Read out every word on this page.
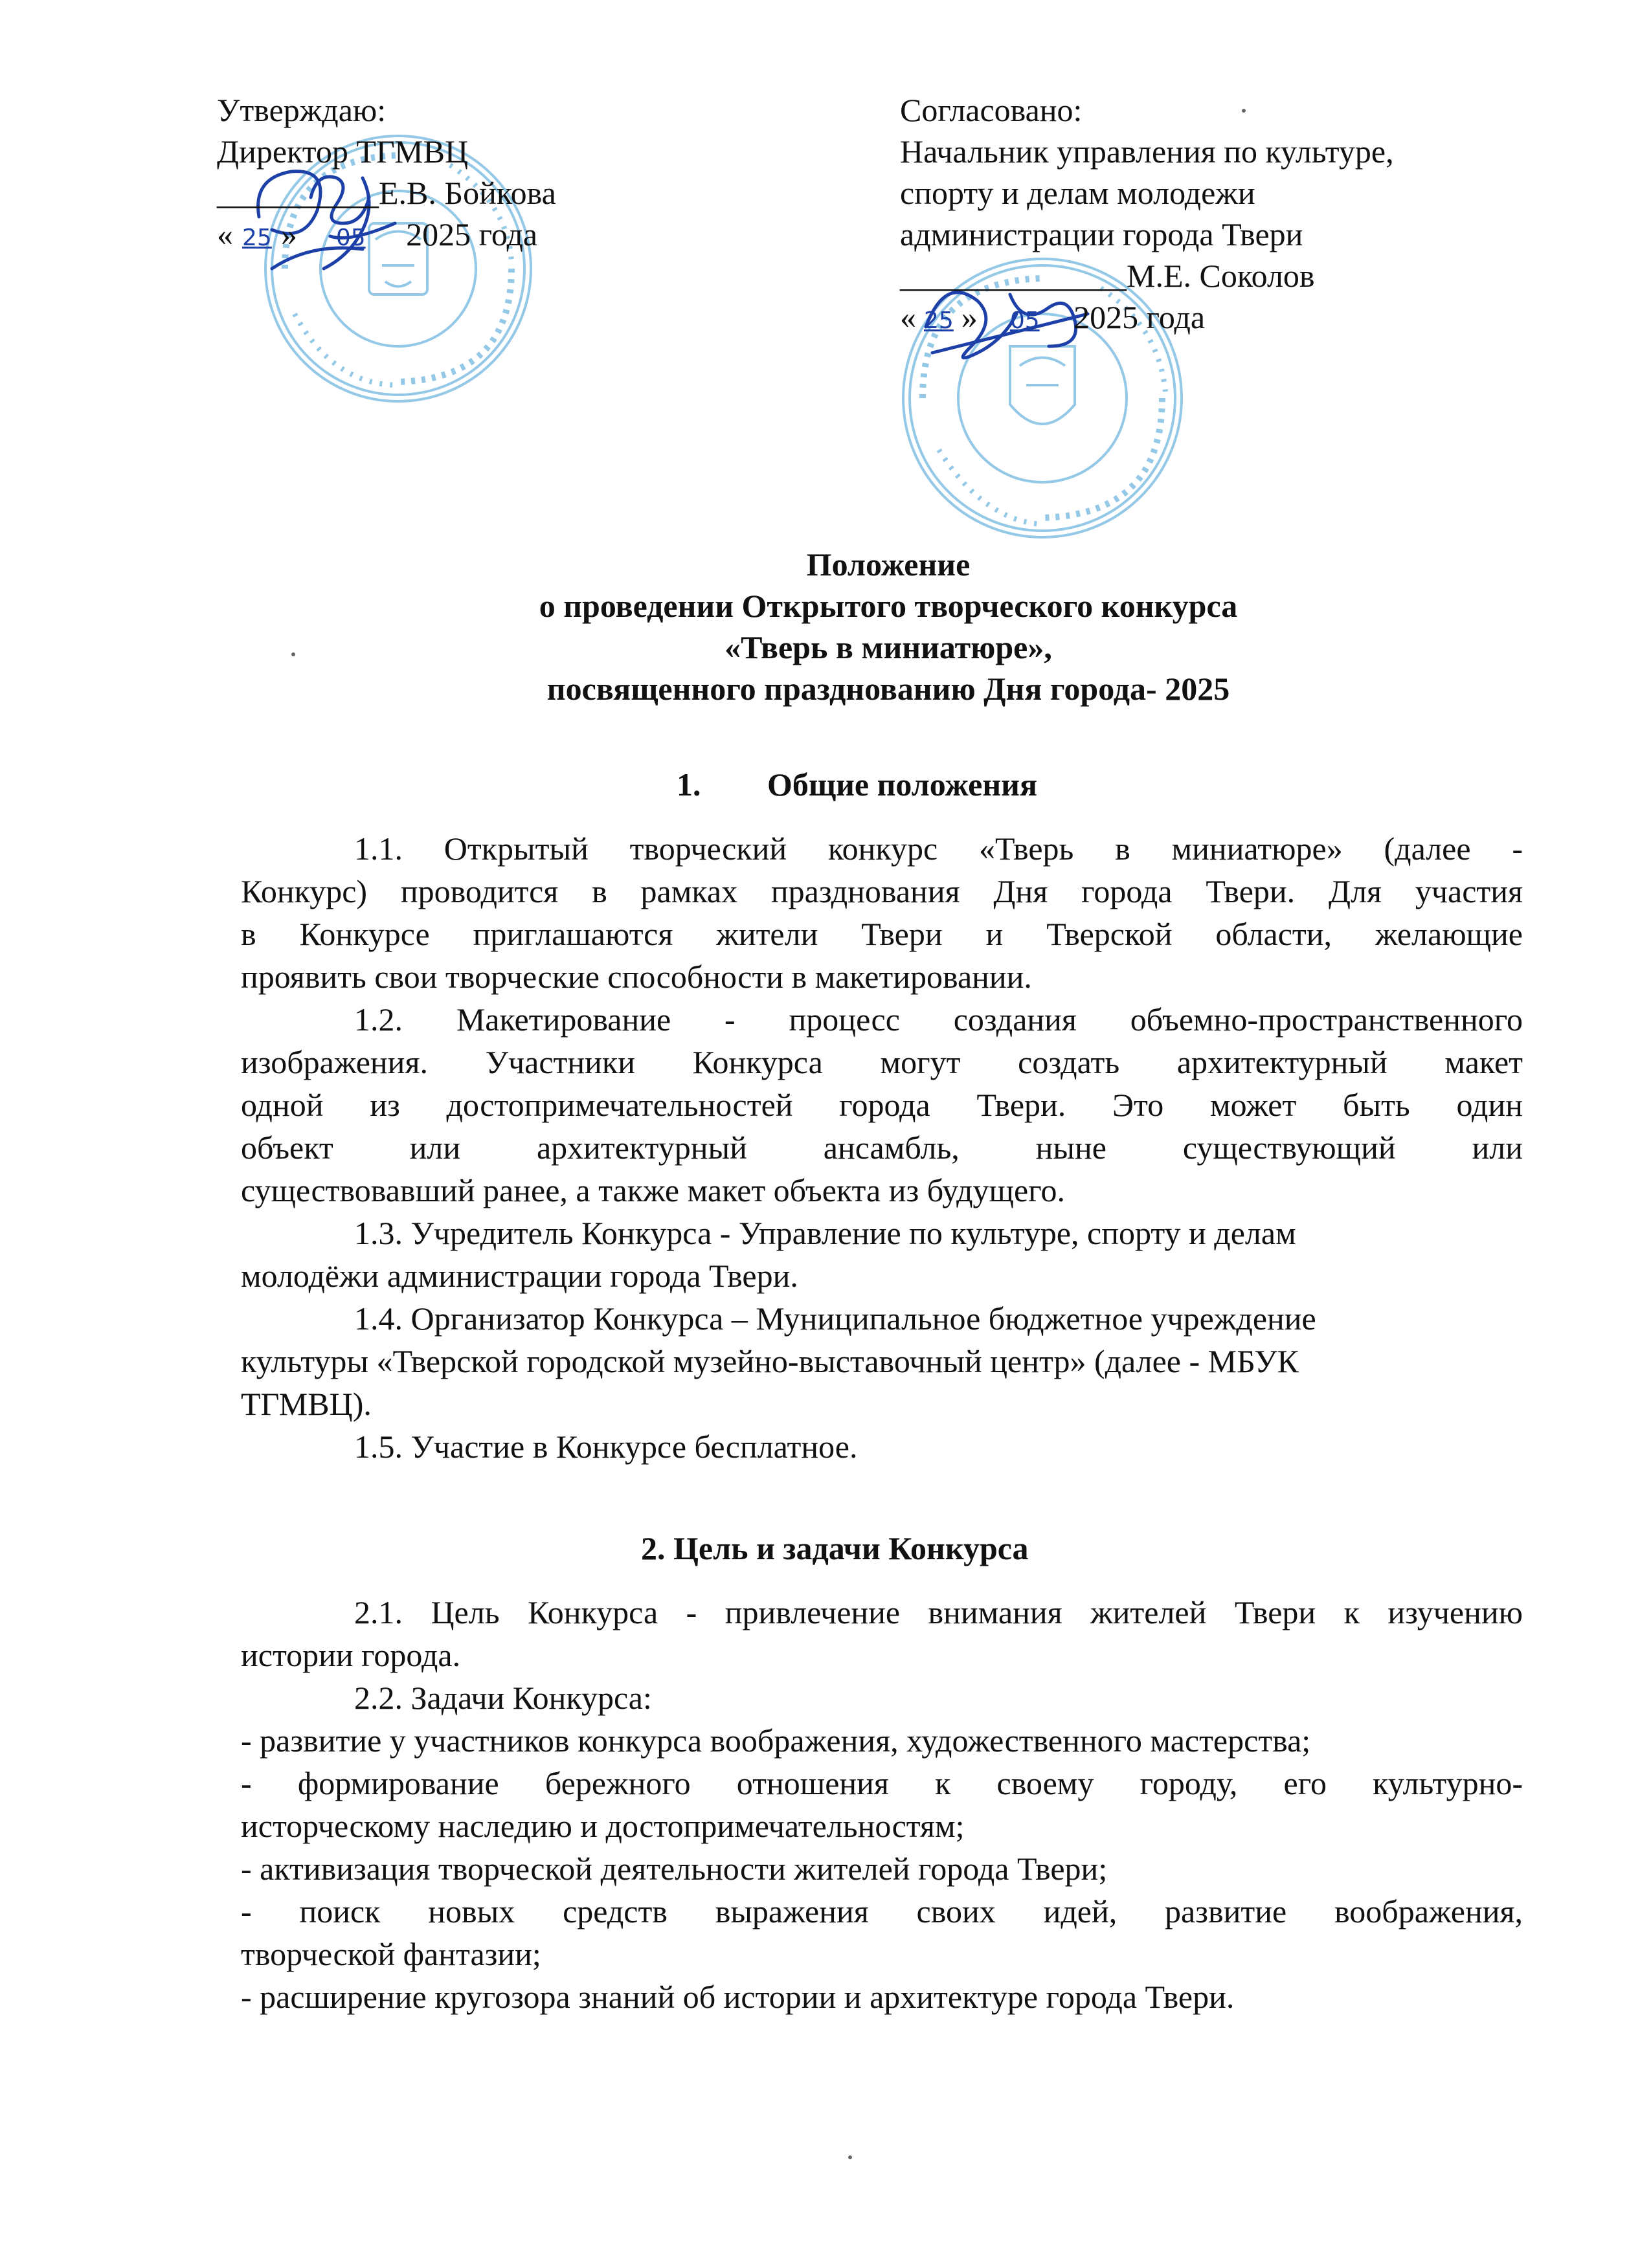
Утверждаю:
Директор ТГМВЦ
__________Е.В. Бойкова
« 25 » 05 2025 года
Согласовано:
Начальник управления по культуре,
спорту и делам молодежи
администрации города Твери
______________М.Е. Соколов
« 25 » 05 2025 года
Положение
о проведении Открытого творческого конкурса
«Тверь в миниатюре»,
посвященного празднованию Дня города- 2025
1. Общие положения
1.1. Открытый творческий конкурс «Тверь в миниатюре» (далее -
Конкурс) проводится в рамках празднования Дня города Твери. Для участия
в Конкурсе приглашаются жители Твери и Тверской области, желающие
проявить свои творческие способности в макетировании.
1.2. Макетирование - процесс создания объемно-пространственного
изображения. Участники Конкурса могут создать архитектурный макет
одной из достопримечательностей города Твери. Это может быть один
объект или архитектурный ансамбль, ныне существующий или
существовавший ранее, а также макет объекта из будущего.
1.3. Учредитель Конкурса - Управление по культуре, спорту и делам
молодёжи администрации города Твери.
1.4. Организатор Конкурса – Муниципальное бюджетное учреждение
культуры «Тверской городской музейно-выставочный центр» (далее - МБУК
ТГМВЦ).
1.5. Участие в Конкурсе бесплатное.
2. Цель и задачи Конкурса
2.1. Цель Конкурса - привлечение внимания жителей Твери к изучению
истории города.
2.2. Задачи Конкурса:
- развитие у участников конкурса воображения, художественного мастерства;
- формирование бережного отношения к своему городу, его культурно-
исторческому наследию и достопримечательностям;
- активизация творческой деятельности жителей города Твери;
- поиск новых средств выражения своих идей, развитие воображения,
творческой фантазии;
- расширение кругозора знаний об истории и архитектуре города Твери.
